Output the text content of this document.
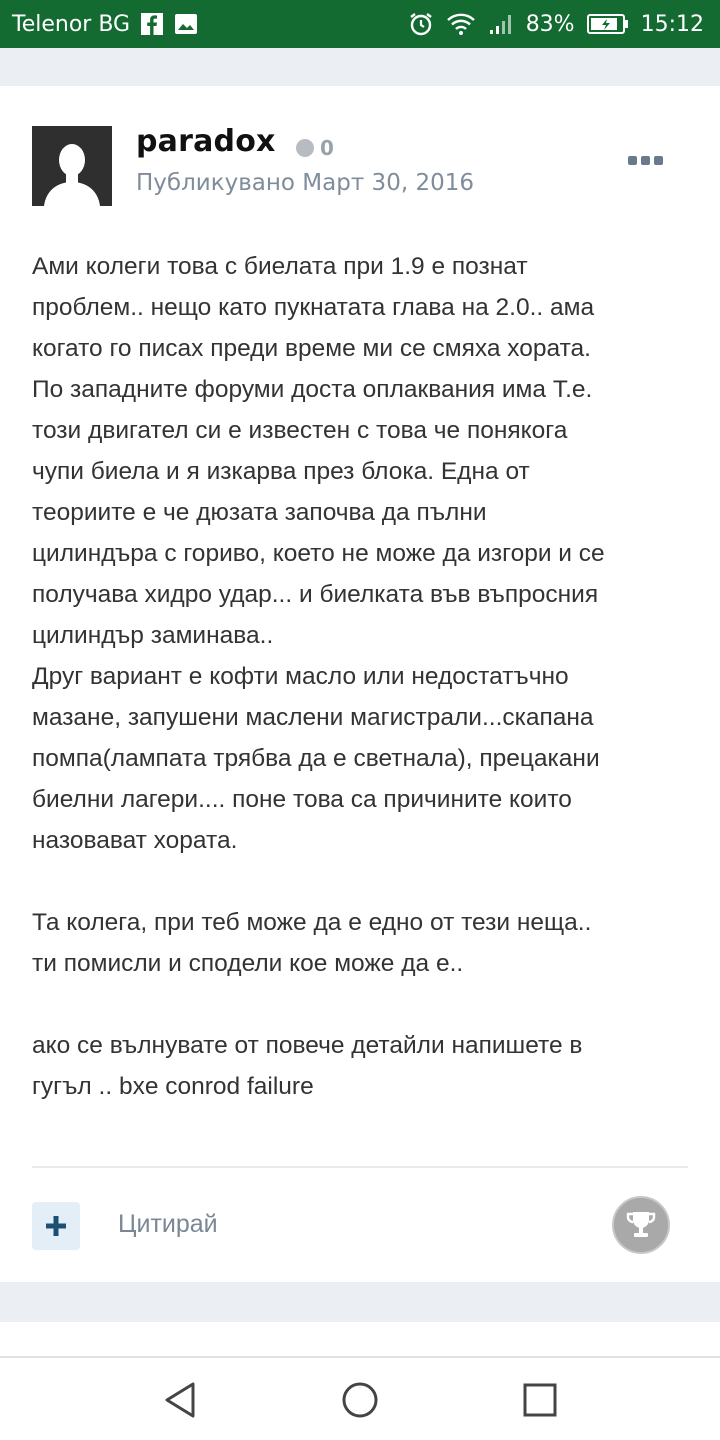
Telenor BG	83%	15:12
paradox 0
Публикувано Март 30, 2016

Ами колеги това с биелата при 1.9 е познат

проблем.. нещо като пукнатата глава на 2.0.. ама

когато го писах преди време ми се смяха хората.

По западните форуми доста оплаквания има Т.е.

този двигател си е известен с това че понякога

чупи биела и я изкарва през блока. Една от

теориите е че дюзата започва да пълни

цилиндъра с гориво, което не може да изгори и се

получава хидро удар... и биелката във въпросния

цилиндър заминава..

Друг вариант е кофти масло или недостатъчно

мазане, запушени маслени магистрали...скапана

помпа(лампата трябва да е светнала), прецакани

биелни лагери.... поне това са причините които

назовават хората.

Та колега, при теб може да е едно от тези неща..

ти помисли и сподели кое може да е..

ако се вълнувате от повече детайли напишете в

гугъл .. bxe conrod failure

Цитирай
